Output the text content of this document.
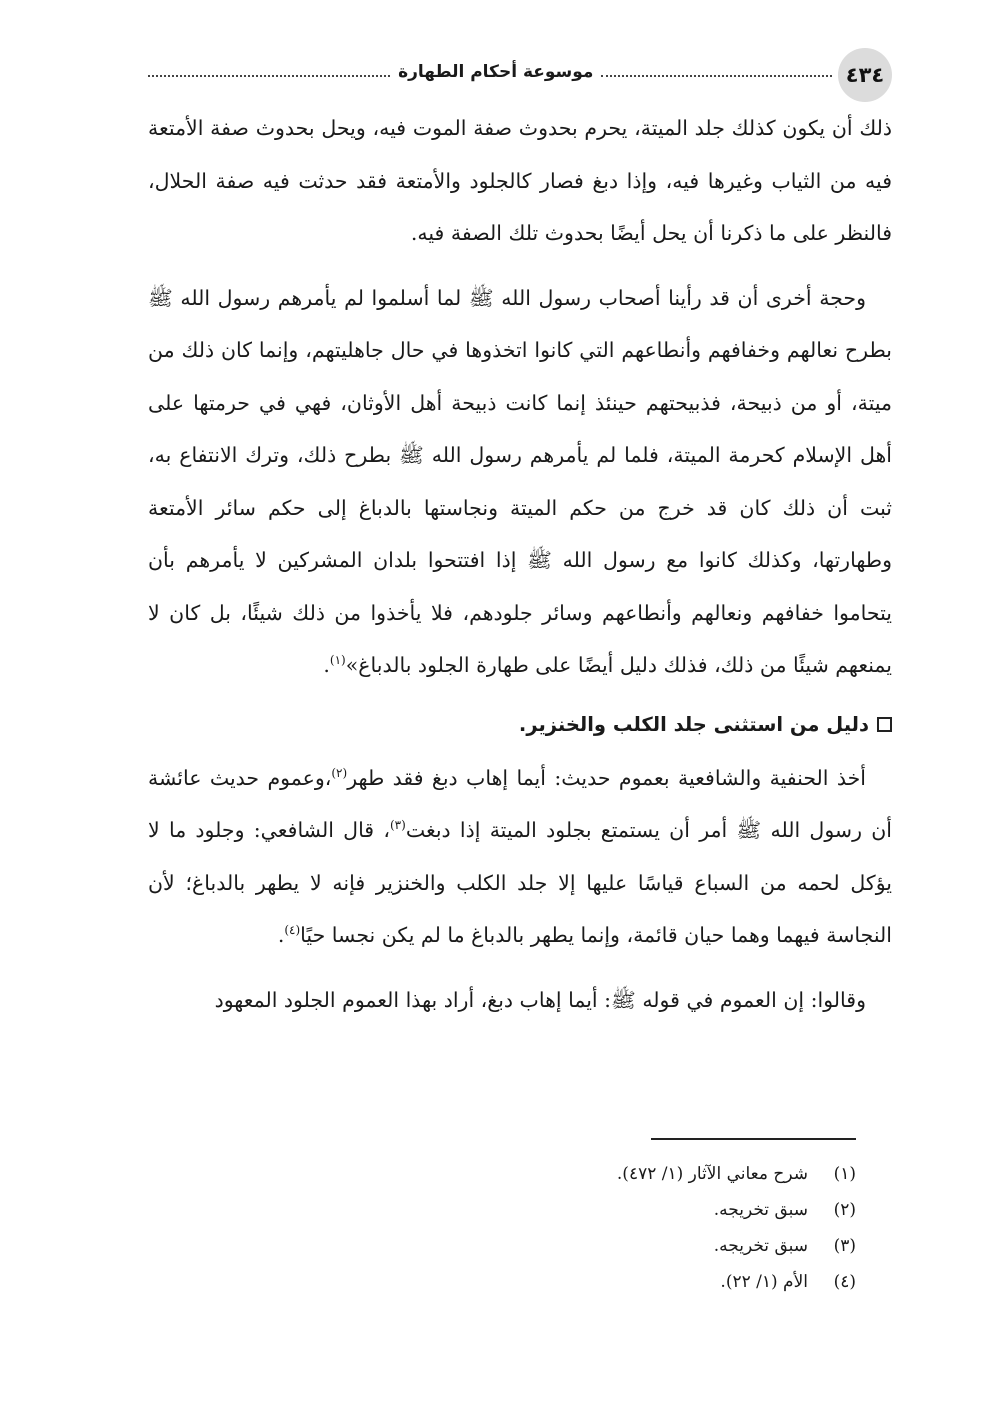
٤٣٤
موسوعة أحكام الطهارة

ذلك أن يكون كذلك جلد الميتة، يحرم بحدوث صفة الموت فيه، ويحل بحدوث صفة الأمتعة فيه من الثياب وغيرها فيه، وإذا دبغ فصار كالجلود والأمتعة فقد حدثت فيه صفة الحلال، فالنظر على ما ذكرنا أن يحل أيضًا بحدوث تلك الصفة فيه.

وحجة أخرى أن قد رأينا أصحاب رسول الله ﷺ لما أسلموا لم يأمرهم رسول الله ﷺ بطرح نعالهم وخفافهم وأنطاعهم التي كانوا اتخذوها في حال جاهليتهم، وإنما كان ذلك من ميتة، أو من ذبيحة، فذبيحتهم حينئذ إنما كانت ذبيحة أهل الأوثان، فهي في حرمتها على أهل الإسلام كحرمة الميتة، فلما لم يأمرهم رسول الله ﷺ بطرح ذلك، وترك الانتفاع به، ثبت أن ذلك كان قد خرج من حكم الميتة ونجاستها بالدباغ إلى حكم سائر الأمتعة وطهارتها، وكذلك كانوا مع رسول الله ﷺ إذا افتتحوا بلدان المشركين لا يأمرهم بأن يتحاموا خفافهم ونعالهم وأنطاعهم وسائر جلودهم، فلا يأخذوا من ذلك شيئًا، بل كان لا يمنعهم شيئًا من ذلك، فذلك دليل أيضًا على طهارة الجلود بالدباغ»$^{(١)}$.

دليل من استثنى جلد الكلب والخنزير.

أخذ الحنفية والشافعية بعموم حديث: أيما إهاب دبغ فقد طهر$^{(٢)}$،وعموم حديث عائشة أن رسول الله ﷺ أمر أن يستمتع بجلود الميتة إذا دبغت$^{(٣)}$، قال الشافعي: وجلود ما لا يؤكل لحمه من السباع قياسًا عليها إلا جلد الكلب والخنزير فإنه لا يطهر بالدباغ؛ لأن النجاسة فيهما وهما حيان قائمة، وإنما يطهر بالدباغ ما لم يكن نجسا حيًا$^{(٤)}$.

وقالوا: إن العموم في قوله ﷺ: أيما إهاب دبغ، أراد بهذا العموم الجلود المعهود

(١)
شرح معاني الآثار (١/ ٤٧٢).
(٢)
سبق تخريجه.
(٣)
سبق تخريجه.
(٤)
الأم (١/ ٢٢).
